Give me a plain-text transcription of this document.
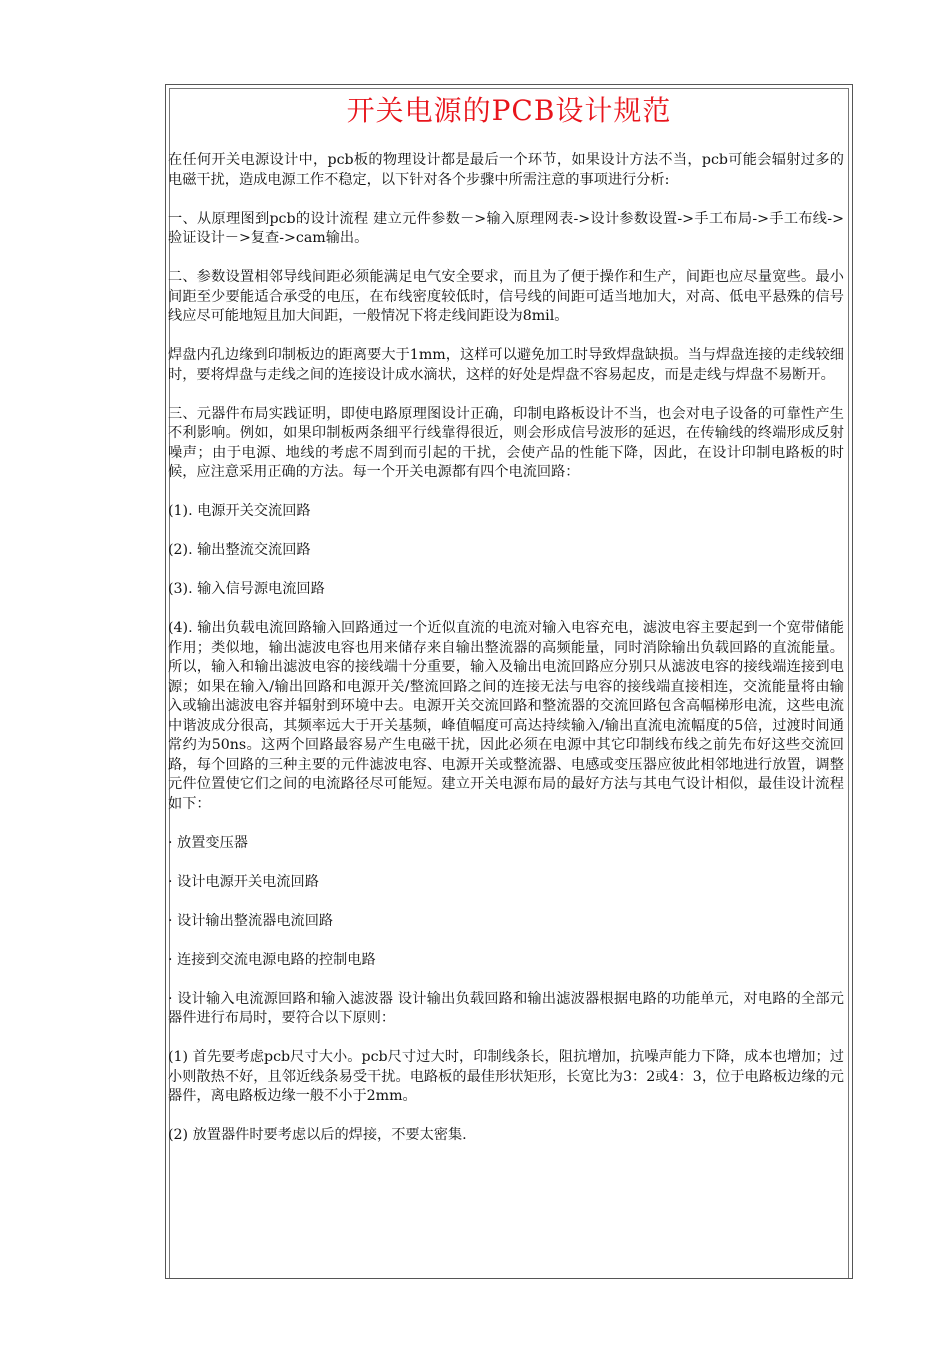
开关电源的PCB设计规范

在任何开关电源设计中，pcb板的物理设计都是最后一个环节，如果设计方法不当，pcb可能会辐射过多的电磁干扰，造成电源工作不稳定，以下针对各个步骤中所需注意的事项进行分析:

一、从原理图到pcb的设计流程 建立元件参数－>输入原理网表->设计参数设置->手工布局->手工布线->验证设计－>复查->cam输出。

二、参数设置相邻导线间距必须能满足电气安全要求，而且为了便于操作和生产，间距也应尽量宽些。最小间距至少要能适合承受的电压，在布线密度较低时，信号线的间距可适当地加大，对高、低电平悬殊的信号线应尽可能地短且加大间距，一般情况下将走线间距设为8mil。

焊盘内孔边缘到印制板边的距离要大于1mm，这样可以避免加工时导致焊盘缺损。当与焊盘连接的走线较细时，要将焊盘与走线之间的连接设计成水滴状，这样的好处是焊盘不容易起皮，而是走线与焊盘不易断开。

三、元器件布局实践证明，即使电路原理图设计正确，印制电路板设计不当，也会对电子设备的可靠性产生不利影响。例如，如果印制板两条细平行线靠得很近，则会形成信号波形的延迟，在传输线的终端形成反射噪声；由于电源、地线的考虑不周到而引起的干扰，会使产品的性能下降，因此，在设计印制电路板的时候，应注意采用正确的方法。每一个开关电源都有四个电流回路：

(1). 电源开关交流回路

(2). 输出整流交流回路

(3). 输入信号源电流回路

(4). 输出负载电流回路输入回路通过一个近似直流的电流对输入电容充电，滤波电容主要起到一个宽带储能作用；类似地，输出滤波电容也用来储存来自输出整流器的高频能量，同时消除输出负载回路的直流能量。所以，输入和输出滤波电容的接线端十分重要，输入及输出电流回路应分别只从滤波电容的接线端连接到电源；如果在输入/输出回路和电源开关/整流回路之间的连接无法与电容的接线端直接相连，交流能量将由输入或输出滤波电容并辐射到环境中去。电源开关交流回路和整流器的交流回路包含高幅梯形电流，这些电流中谐波成分很高，其频率远大于开关基频，峰值幅度可高达持续输入/输出直流电流幅度的5倍，过渡时间通常约为50ns。这两个回路最容易产生电磁干扰，因此必须在电源中其它印制线布线之前先布好这些交流回路，每个回路的三种主要的元件滤波电容、电源开关或整流器、电感或变压器应彼此相邻地进行放置，调整元件位置使它们之间的电流路径尽可能短。建立开关电源布局的最好方法与其电气设计相似，最佳设计流程如下：

· 放置变压器

· 设计电源开关电流回路

· 设计输出整流器电流回路

· 连接到交流电源电路的控制电路

· 设计输入电流源回路和输入滤波器 设计输出负载回路和输出滤波器根据电路的功能单元，对电路的全部元器件进行布局时，要符合以下原则：

(1) 首先要考虑pcb尺寸大小。pcb尺寸过大时，印制线条长，阻抗增加，抗噪声能力下降，成本也增加；过小则散热不好，且邻近线条易受干扰。电路板的最佳形状矩形，长宽比为3：2或4：3，位于电路板边缘的元器件，离电路板边缘一般不小于2mm。

(2) 放置器件时要考虑以后的焊接，不要太密集.
